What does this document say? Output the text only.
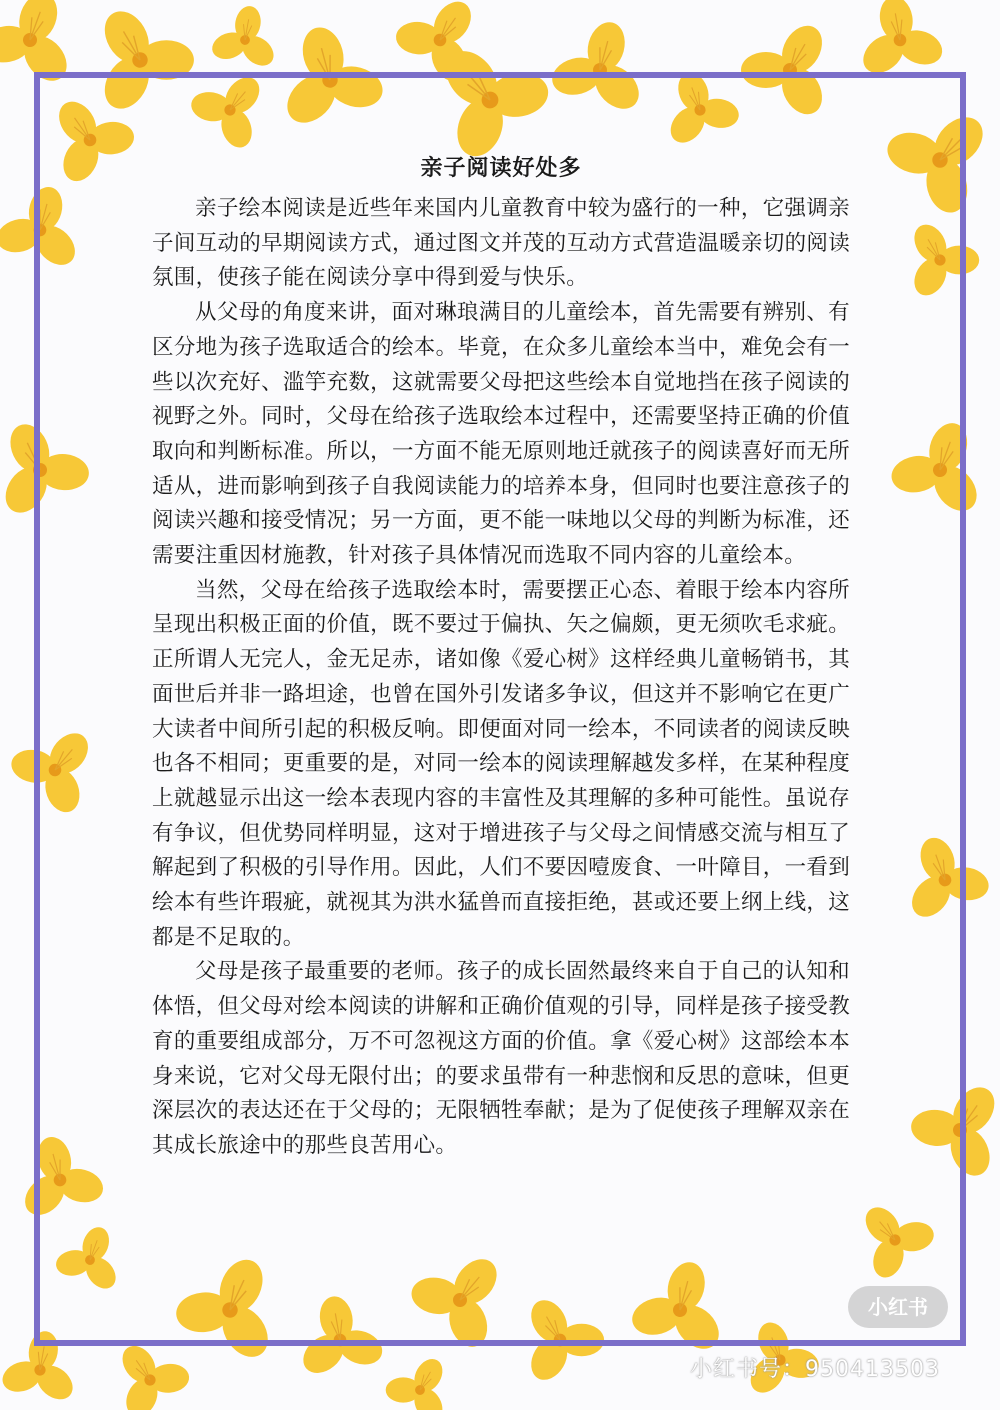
亲子阅读好处多

亲子绘本阅读是近些年来国内儿童教育中较为盛行的一种，它强调亲子间互动的早期阅读方式，通过图文并茂的互动方式营造温暖亲切的阅读氛围，使孩子能在阅读分享中得到爱与快乐。

从父母的角度来讲，面对琳琅满目的儿童绘本，首先需要有辨别、有区分地为孩子选取适合的绘本。毕竟，在众多儿童绘本当中，难免会有一些以次充好、滥竽充数，这就需要父母把这些绘本自觉地挡在孩子阅读的视野之外。同时，父母在给孩子选取绘本过程中，还需要坚持正确的价值取向和判断标准。所以，一方面不能无原则地迁就孩子的阅读喜好而无所适从，进而影响到孩子自我阅读能力的培养本身，但同时也要注意孩子的阅读兴趣和接受情况；另一方面，更不能一味地以父母的判断为标准，还需要注重因材施教，针对孩子具体情况而选取不同内容的儿童绘本。

当然，父母在给孩子选取绘本时，需要摆正心态、着眼于绘本内容所呈现出积极正面的价值，既不要过于偏执、矢之偏颇，更无须吹毛求疵。正所谓人无完人，金无足赤，诸如像《爱心树》这样经典儿童畅销书，其面世后并非一路坦途，也曾在国外引发诸多争议，但这并不影响它在更广大读者中间所引起的积极反响。即便面对同一绘本，不同读者的阅读反映也各不相同；更重要的是，对同一绘本的阅读理解越发多样，在某种程度上就越显示出这一绘本表现内容的丰富性及其理解的多种可能性。虽说存有争议，但优势同样明显，这对于增进孩子与父母之间情感交流与相互了解起到了积极的引导作用。因此，人们不要因噎废食、一叶障目，一看到绘本有些许瑕疵，就视其为洪水猛兽而直接拒绝，甚或还要上纲上线，这都是不足取的。

父母是孩子最重要的老师。孩子的成长固然最终来自于自己的认知和体悟，但父母对绘本阅读的讲解和正确价值观的引导，同样是孩子接受教育的重要组成部分，万不可忽视这方面的价值。拿《爱心树》这部绘本本身来说，它对父母无限付出；的要求虽带有一种悲悯和反思的意味，但更深层次的表达还在于父母的；无限牺牲奉献；是为了促使孩子理解双亲在其成长旅途中的那些良苦用心。

小红书
小红书号：950413503
